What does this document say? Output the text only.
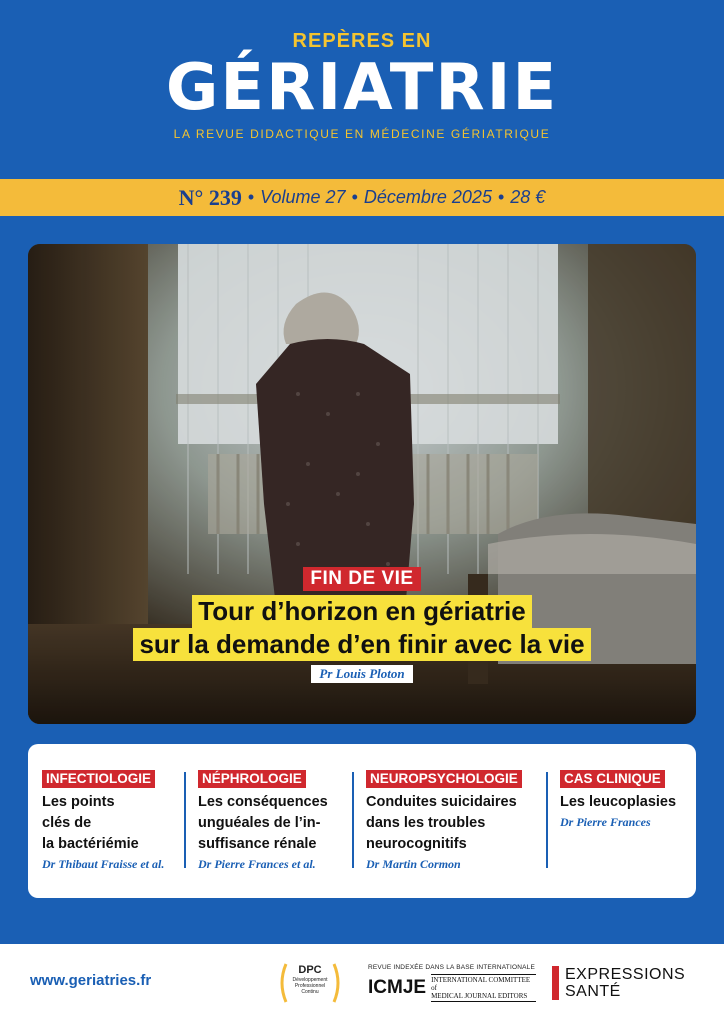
REPÈRES EN
GÉRIATRIE
LA REVUE DIDACTIQUE EN MÉDECINE GÉRIATRIQUE
N° 239 • Volume 27 • Décembre 2025 • 28 €
FIN DE VIE
Tour d’horizon en gériatrie
sur la demande d’en finir avec la vie
Pr Louis Ploton
INFECTIOLOGIE
Les points
clés de
la bactériémie
Dr Thibaut Fraisse et al.
NÉPHROLOGIE
Les conséquences
unguéales de l’in-
suffisance rénale
Dr Pierre Frances et al.
NEUROPSYCHOLOGIE
Conduites suicidaires
dans les troubles
neurocognitifs
Dr Martin Cormon
CAS CLINIQUE
Les leucoplasies
Dr Pierre Frances
www.geriatries.fr
DPC
Développement
Professionnel
Continu
REVUE INDEXÉE DANS LA BASE INTERNATIONALE
ICMJE INTERNATIONAL COMMITTEE of
MEDICAL JOURNAL EDITORS
EXPRESSIONS
SANTÉ
